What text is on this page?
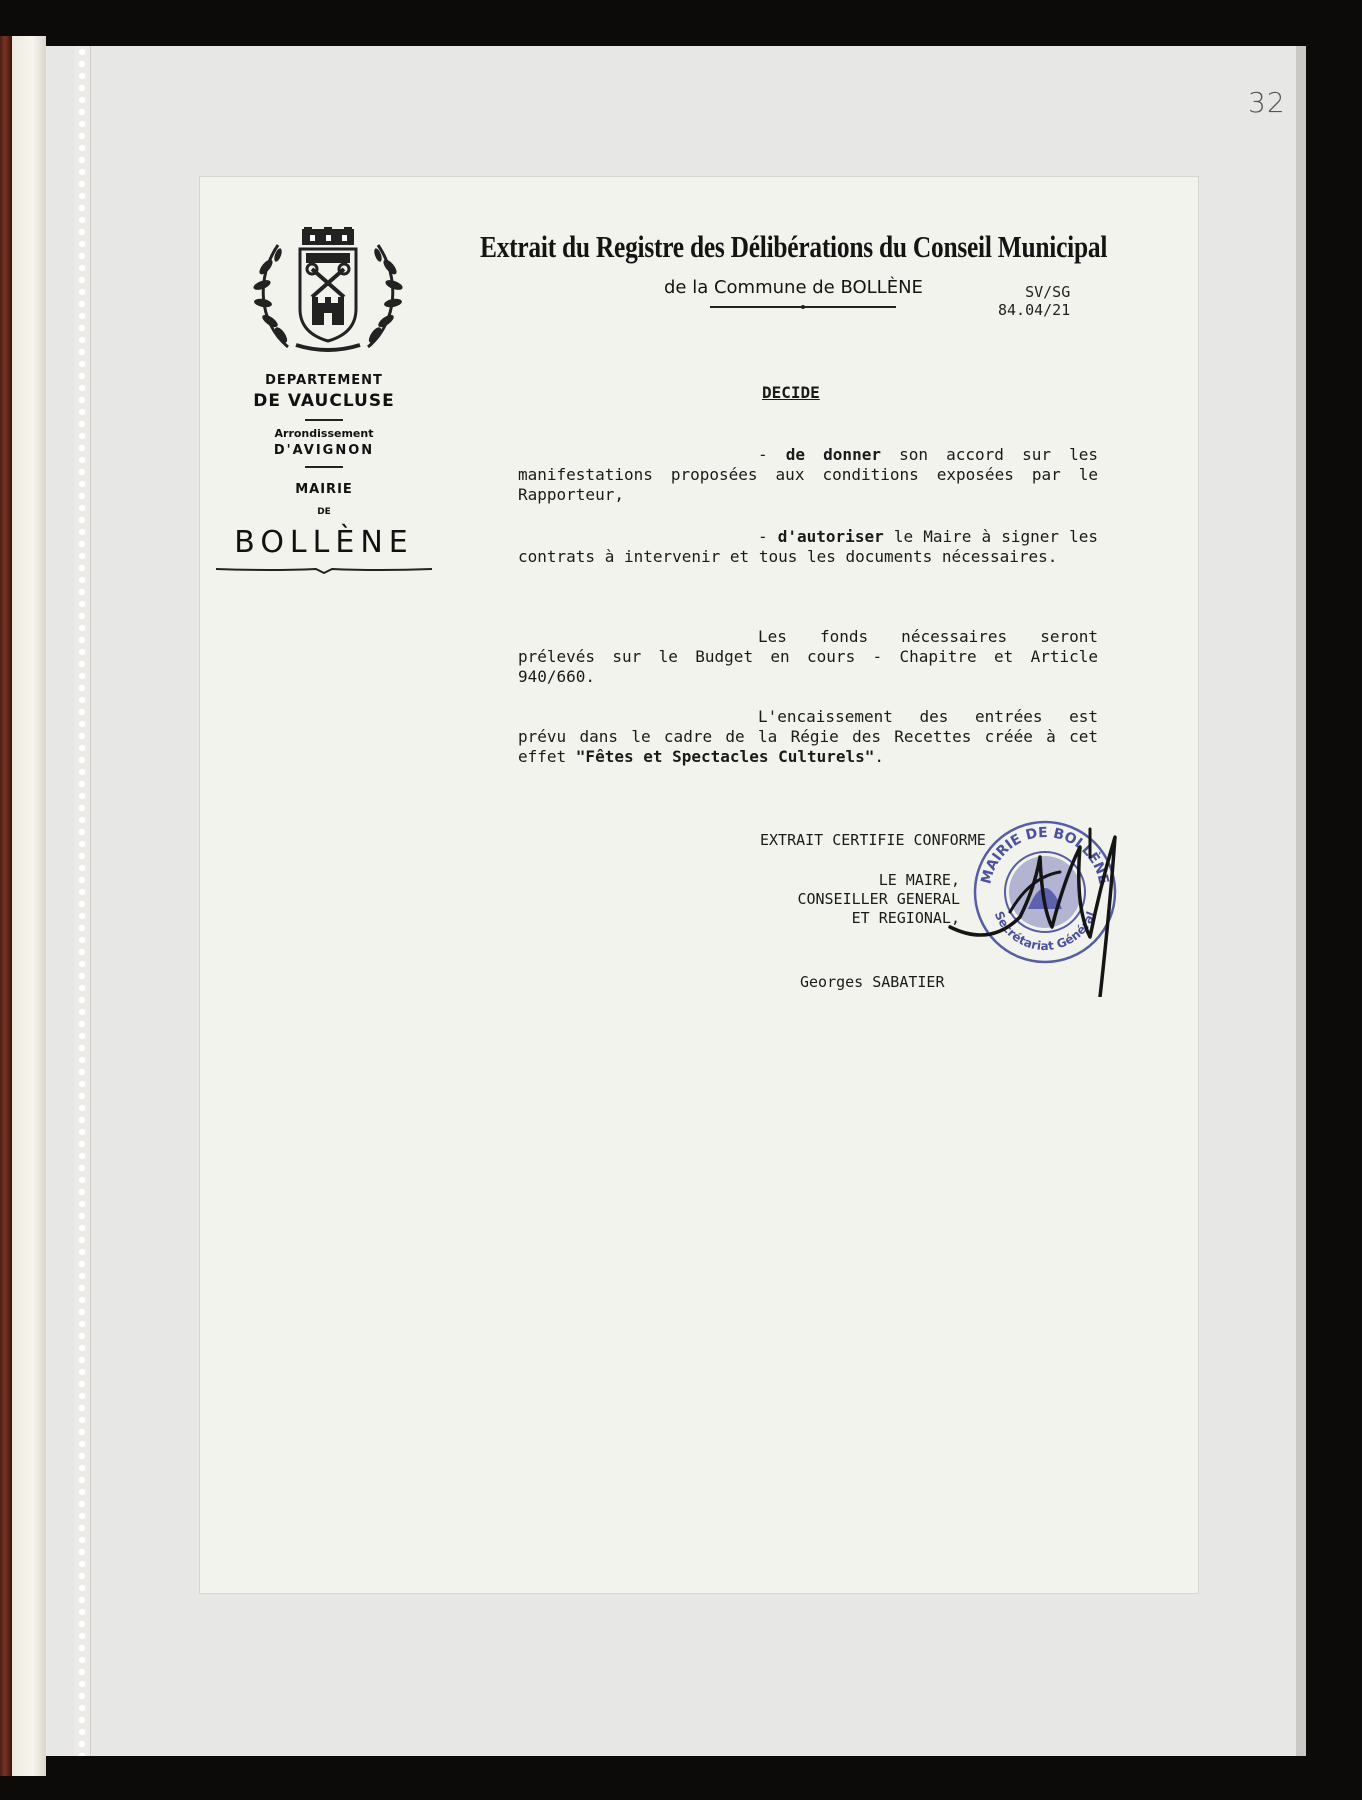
32
DEPARTEMENT
DE VAUCLUSE
Arrondissement
D'AVIGNON
MAIRIE
DE
BOLLÈNE
Extrait du Registre des Délibérations du Conseil Municipal
de la Commune de BOLLÈNE	SV/SG
84.04/21
DECIDE
- de donner son accord sur les manifestations proposées aux conditions exposées par le Rapporteur,
- d'autoriser le Maire à signer les contrats à intervenir et tous les documents nécessaires.
Les fonds nécessaires seront prélevés sur le Budget en cours - Chapitre et Article 940/660.
L'encaissement des entrées est prévu dans le cadre de la Régie des Recettes créée à cet effet "Fêtes et Spectacles Culturels".
EXTRAIT CERTIFIE CONFORME
LE MAIRE,
CONSEILLER GENERAL
ET REGIONAL,
Georges SABATIER
MAIRIE DE BOLLÈNE
Secrétariat Général
